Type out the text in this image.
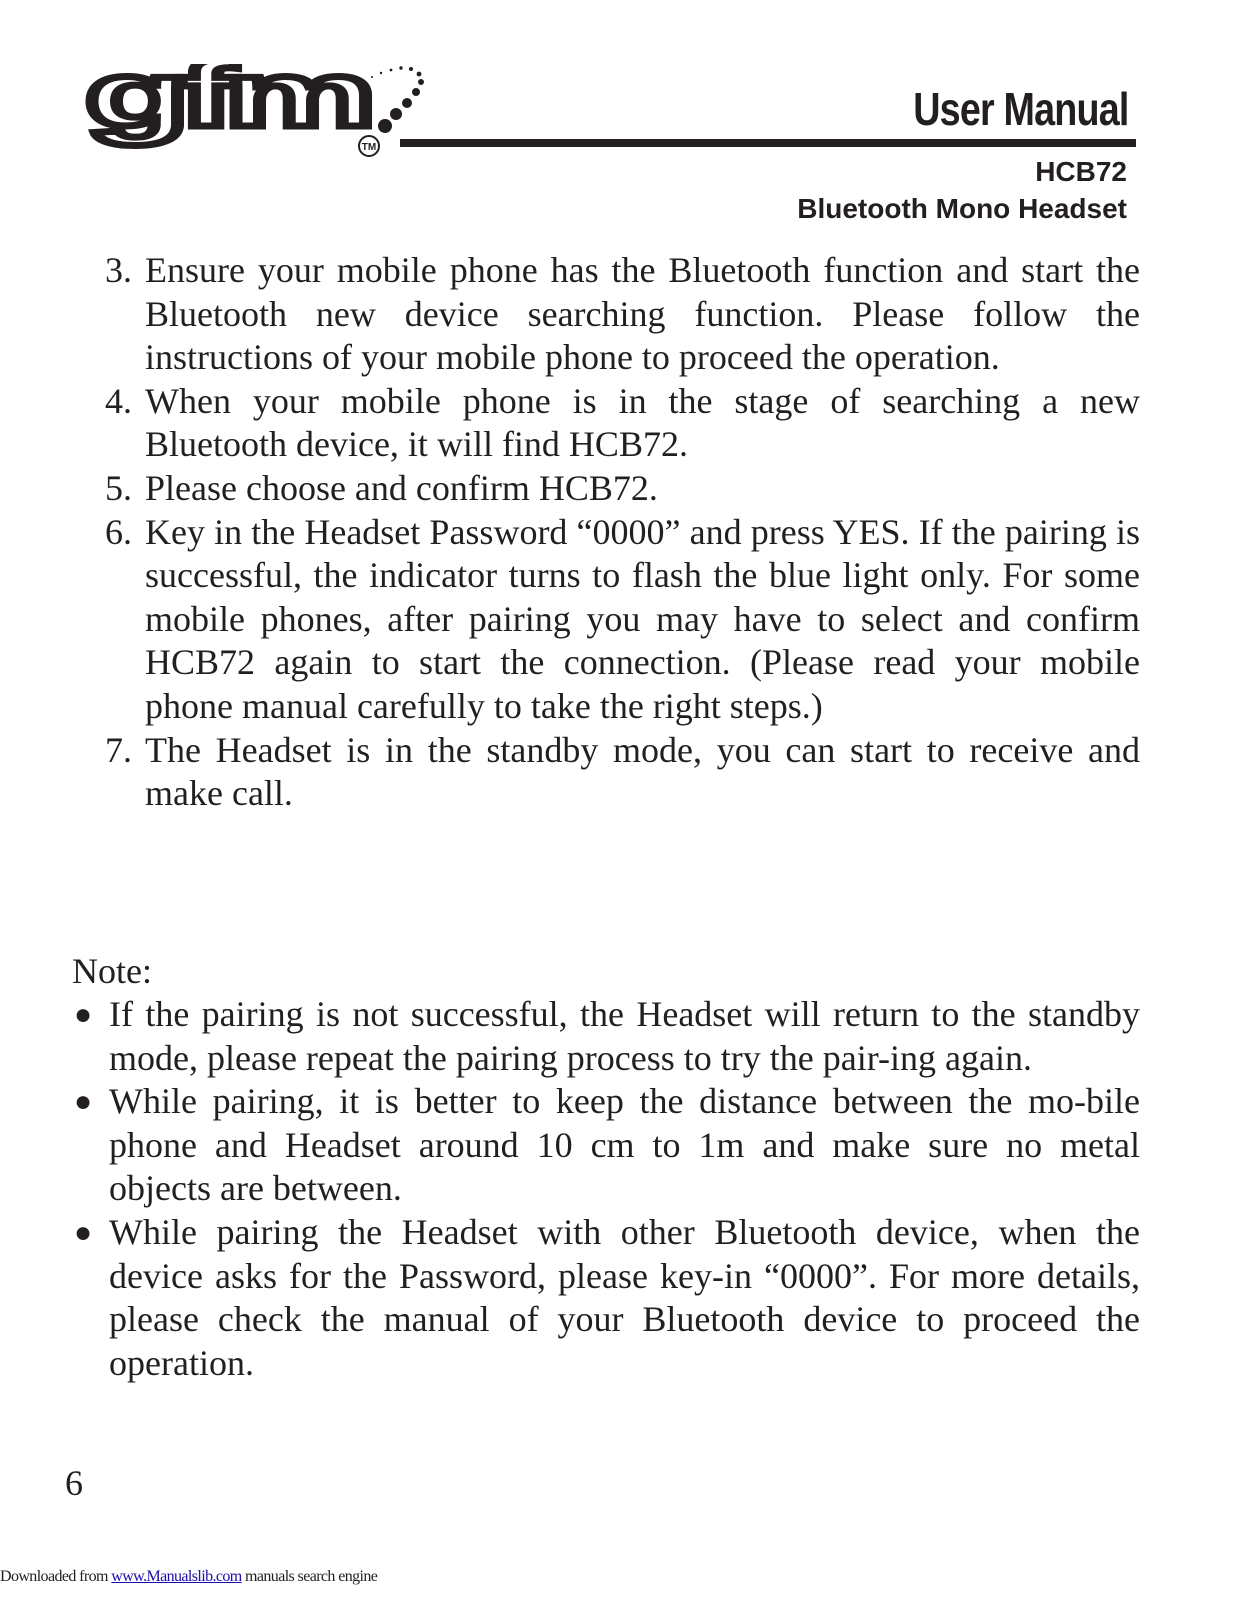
gfm
TM
User Manual
HCB72
Bluetooth Mono Headset
3. Ensure your mobile phone has the Bluetooth function and start the Bluetooth new device searching function. Please follow the instructions of your mobile phone to proceed the operation.
4. When your mobile phone is in the stage of searching a new Bluetooth device, it will find HCB72.
5. Please choose and confirm HCB72.
6. Key in the Headset Password “0000” and press YES. If the pairing is successful, the indicator turns to flash the blue light only. For some mobile phones, after pairing you may have to select and confirm HCB72 again to start the connection. (Please read your mobile phone manual carefully to take the right steps.)
7. The Headset is in the standby mode, you can start to receive and make call.
Note:
● If the pairing is not successful, the Headset will return to the standby mode, please repeat the pairing process to try the pair-ing again.
● While pairing, it is better to keep the distance between the mo-bile phone and Headset around 10 cm to 1m and make sure no metal objects are between.
● While pairing the Headset with other Bluetooth device, when the device asks for the Password, please key-in “0000”. For more details, please check the manual of your Bluetooth device to proceed the operation.
6
Downloaded from www.Manualslib.com manuals search engine
